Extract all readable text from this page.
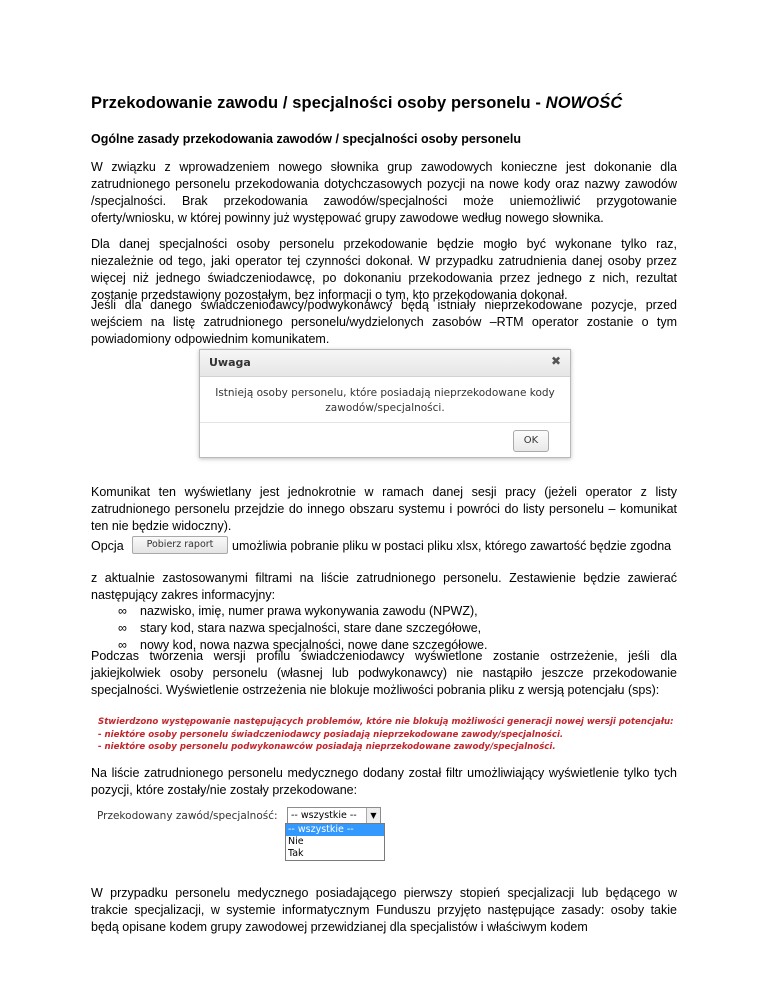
Przekodowanie zawodu / specjalności osoby personelu - NOWOŚĆ
Ogólne zasady przekodowania zawodów / specjalności osoby personelu
W związku z wprowadzeniem nowego słownika grup zawodowych konieczne jest dokonanie dla zatrudnionego personelu przekodowania dotychczasowych pozycji na nowe kody oraz nazwy zawodów /specjalności. Brak przekodowania zawodów/specjalności może uniemożliwić przygotowanie oferty/wniosku, w której powinny już występować grupy zawodowe według nowego słownika.
Dla danej specjalności osoby personelu przekodowanie będzie mogło być wykonane tylko raz, niezależnie od tego, jaki operator tej czynności dokonał. W przypadku zatrudnienia danej osoby przez więcej niż jednego świadczeniodawcę, po dokonaniu przekodowania przez jednego z nich, rezultat zostanie przedstawiony pozostałym, bez informacji o tym, kto przekodowania dokonał.
Jeśli dla danego świadczeniodawcy/podwykonawcy będą istniały nieprzekodowane pozycje, przed wejściem na listę zatrudnionego personelu/wydzielonych zasobów –RTM operator zostanie o tym powiadomiony odpowiednim komunikatem.
Uwaga	✖
Istnieją osoby personelu, które posiadają nieprzekodowane kody
zawodów/specjalności.
OK
Komunikat ten wyświetlany jest jednokrotnie w ramach danej sesji pracy (jeżeli operator z listy zatrudnionego personelu przejdzie do innego obszaru systemu i powróci do listy personelu – komunikat ten nie będzie widoczny).
Opcja	Pobierz raport	umożliwia pobranie pliku w postaci pliku xlsx, którego zawartość będzie zgodna
z aktualnie zastosowanymi filtrami na liście zatrudnionego personelu. Zestawienie będzie zawierać następujący zakres informacyjny:
∞ nazwisko, imię, numer prawa wykonywania zawodu (NPWZ),
∞ stary kod, stara nazwa specjalności, stare dane szczegółowe,
∞ nowy kod, nowa nazwa specjalności, nowe dane szczegółowe.
Podczas tworzenia wersji profilu świadczeniodawcy wyświetlone zostanie ostrzeżenie, jeśli dla jakiejkolwiek osoby personelu (własnej lub podwykonawcy) nie nastąpiło jeszcze przekodowanie specjalności. Wyświetlenie ostrzeżenia nie blokuje możliwości pobrania pliku z wersją potencjału (sps):
Stwierdzono występowanie następujących problemów, które nie blokują możliwości generacji nowej wersji potencjału:
- niektóre osoby personelu świadczeniodawcy posiadają nieprzekodowane zawody/specjalności.
- niektóre osoby personelu podwykonawców posiadają nieprzekodowane zawody/specjalności.
Na liście zatrudnionego personelu medycznego dodany został filtr umożliwiający wyświetlenie tylko tych pozycji, które zostały/nie zostały przekodowane:
Przekodowany zawód/specjalność: -- wszystkie --	▼
-- wszystkie --
Nie
Tak
W przypadku personelu medycznego posiadającego pierwszy stopień specjalizacji lub będącego w trakcie specjalizacji, w systemie informatycznym Funduszu przyjęto następujące zasady: osoby takie będą opisane kodem grupy zawodowej przewidzianej dla specjalistów i właściwym kodem
